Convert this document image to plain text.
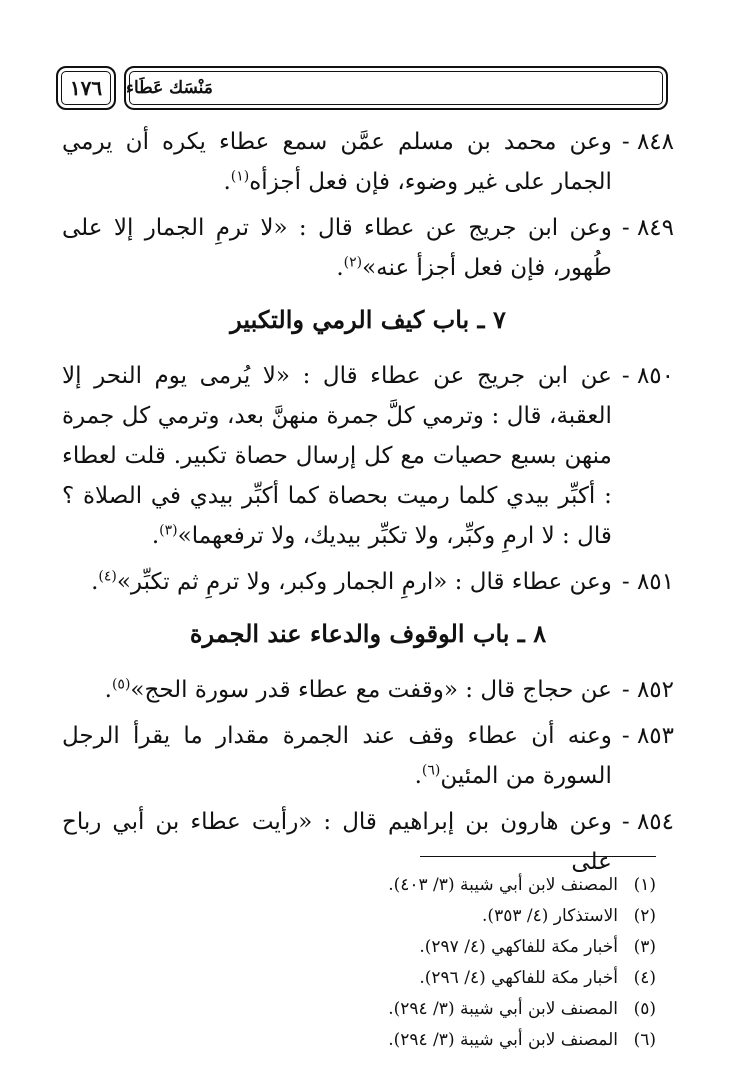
١٧٦	مَنْسَك عَطَاء
٨٤٨ -
وعن محمد بن مسلم عمَّن سمع عطاء يكره أن يرمي الجمار على غير وضوء، فإن فعل أجزأه$^{(١)}$.
٨٤٩ -
وعن ابن جريج عن عطاء قال : «لا ترمِ الجمار إلا على طُهور، فإن فعل أجزأ عنه»$^{(٢)}$.
٧ ـ باب كيف الرمي والتكبير
٨٥٠ -
عن ابن جريج عن عطاء قال : «لا يُرمى يوم النحر إلا العقبة، قال : وترمي كلَّ جمرة منهنَّ بعد، وترمي كل جمرة منهن بسبع حصيات مع كل إرسال حصاة تكبير. قلت لعطاء : أكبِّر بيدي كلما رميت بحصاة كما أكبِّر بيدي في الصلاة ؟ قال : لا ارمِ وكبِّر، ولا تكبِّر بيديك، ولا ترفعهما»$^{(٣)}$.
٨٥١ -
وعن عطاء قال : «ارمِ الجمار وكبر، ولا ترمِ ثم تكبِّر»$^{(٤)}$.
٨ ـ باب الوقوف والدعاء عند الجمرة
٨٥٢ -
عن حجاج قال : «وقفت مع عطاء قدر سورة الحج»$^{(٥)}$.
٨٥٣ -
وعنه أن عطاء وقف عند الجمرة مقدار ما يقرأ الرجل السورة من المئين$^{(٦)}$.
٨٥٤ -
وعن هارون بن إبراهيم قال : «رأيت عطاء بن أبي رباح على
(١)
المصنف لابن أبي شيبة (٣/ ٤٠٣).
(٢)
الاستذكار (٤/ ٣٥٣).
(٣)
أخبار مكة للفاكهي (٤/ ٢٩٧).
(٤)
أخبار مكة للفاكهي (٤/ ٢٩٦).
(٥)
المصنف لابن أبي شيبة (٣/ ٢٩٤).
(٦)
المصنف لابن أبي شيبة (٣/ ٢٩٤).
